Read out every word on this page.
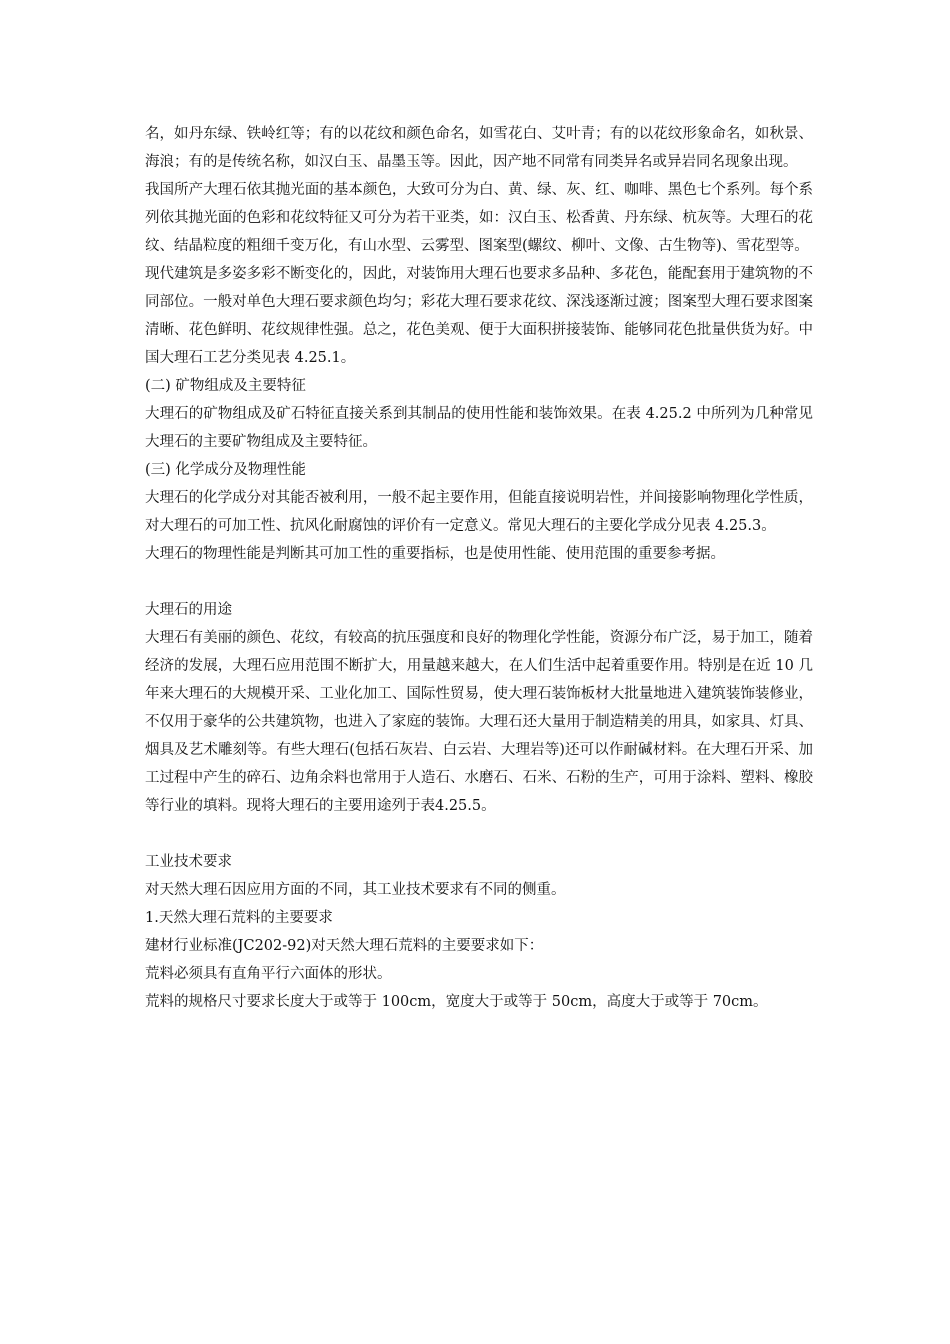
名，如丹东绿、铁岭红等；有的以花纹和颜色命名，如雪花白、艾叶青；有的以花纹形象命名，如秋景、海浪；有的是传统名称，如汉白玉、晶墨玉等。因此，因产地不同常有同类异名或异岩同名现象出现。

我国所产大理石依其抛光面的基本颜色，大致可分为白、黄、绿、灰、红、咖啡、黑色七个系列。每个系列依其抛光面的色彩和花纹特征又可分为若干亚类，如：汉白玉、松香黄、丹东绿、杭灰等。大理石的花纹、结晶粒度的粗细千变万化，有山水型、云雾型、图案型(螺纹、柳叶、文像、古生物等)、雪花型等。

现代建筑是多姿多彩不断变化的，因此，对装饰用大理石也要求多品种、多花色，能配套用于建筑物的不同部位。一般对单色大理石要求颜色均匀；彩花大理石要求花纹、深浅逐渐过渡；图案型大理石要求图案清晰、花色鲜明、花纹规律性强。总之，花色美观、便于大面积拼接装饰、能够同花色批量供货为好。中国大理石工艺分类见表 4.25.1。

(二) 矿物组成及主要特征

大理石的矿物组成及矿石特征直接关系到其制品的使用性能和装饰效果。在表 4.25.2 中所列为几种常见大理石的主要矿物组成及主要特征。

(三) 化学成分及物理性能

大理石的化学成分对其能否被利用，一般不起主要作用，但能直接说明岩性，并间接影响物理化学性质，对大理石的可加工性、抗风化耐腐蚀的评价有一定意义。常见大理石的主要化学成分见表 4.25.3。

大理石的物理性能是判断其可加工性的重要指标，也是使用性能、使用范围的重要参考据。

大理石的用途

大理石有美丽的颜色、花纹，有较高的抗压强度和良好的物理化学性能，资源分布广泛，易于加工，随着经济的发展，大理石应用范围不断扩大，用量越来越大，在人们生活中起着重要作用。特别是在近 10 几年来大理石的大规模开采、工业化加工、国际性贸易，使大理石装饰板材大批量地进入建筑装饰装修业，不仅用于豪华的公共建筑物，也进入了家庭的装饰。大理石还大量用于制造精美的用具，如家具、灯具、烟具及艺术雕刻等。有些大理石(包括石灰岩、白云岩、大理岩等)还可以作耐碱材料。在大理石开采、加工过程中产生的碎石、边角余料也常用于人造石、水磨石、石米、石粉的生产，可用于涂料、塑料、橡胶等行业的填料。现将大理石的主要用途列于表4.25.5。

工业技术要求

对天然大理石因应用方面的不同，其工业技术要求有不同的侧重。

1.天然大理石荒料的主要要求

建材行业标准(JC202-92)对天然大理石荒料的主要要求如下：

荒料必须具有直角平行六面体的形状。

荒料的规格尺寸要求长度大于或等于 100cm，宽度大于或等于 50cm，高度大于或等于 70cm。
